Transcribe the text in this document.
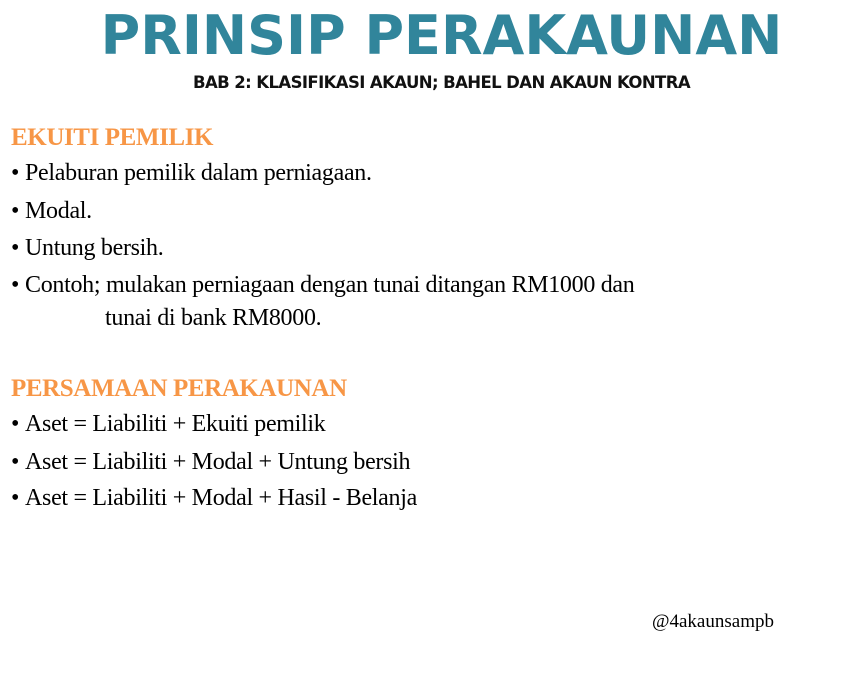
PRINSIP PERAKAUNAN
BAB 2: KLASIFIKASI AKAUN; BAHEL DAN AKAUN KONTRA
EKUITI PEMILIK
• Pelaburan pemilik dalam perniagaan.
• Modal.
• Untung bersih.
• Contoh; mulakan perniagaan dengan tunai ditangan RM1000 dan
tunai di bank RM8000.
PERSAMAAN PERAKAUNAN
• Aset = Liabiliti + Ekuiti pemilik
• Aset = Liabiliti + Modal + Untung bersih
• Aset = Liabiliti + Modal + Hasil - Belanja
@4akaunsampb
